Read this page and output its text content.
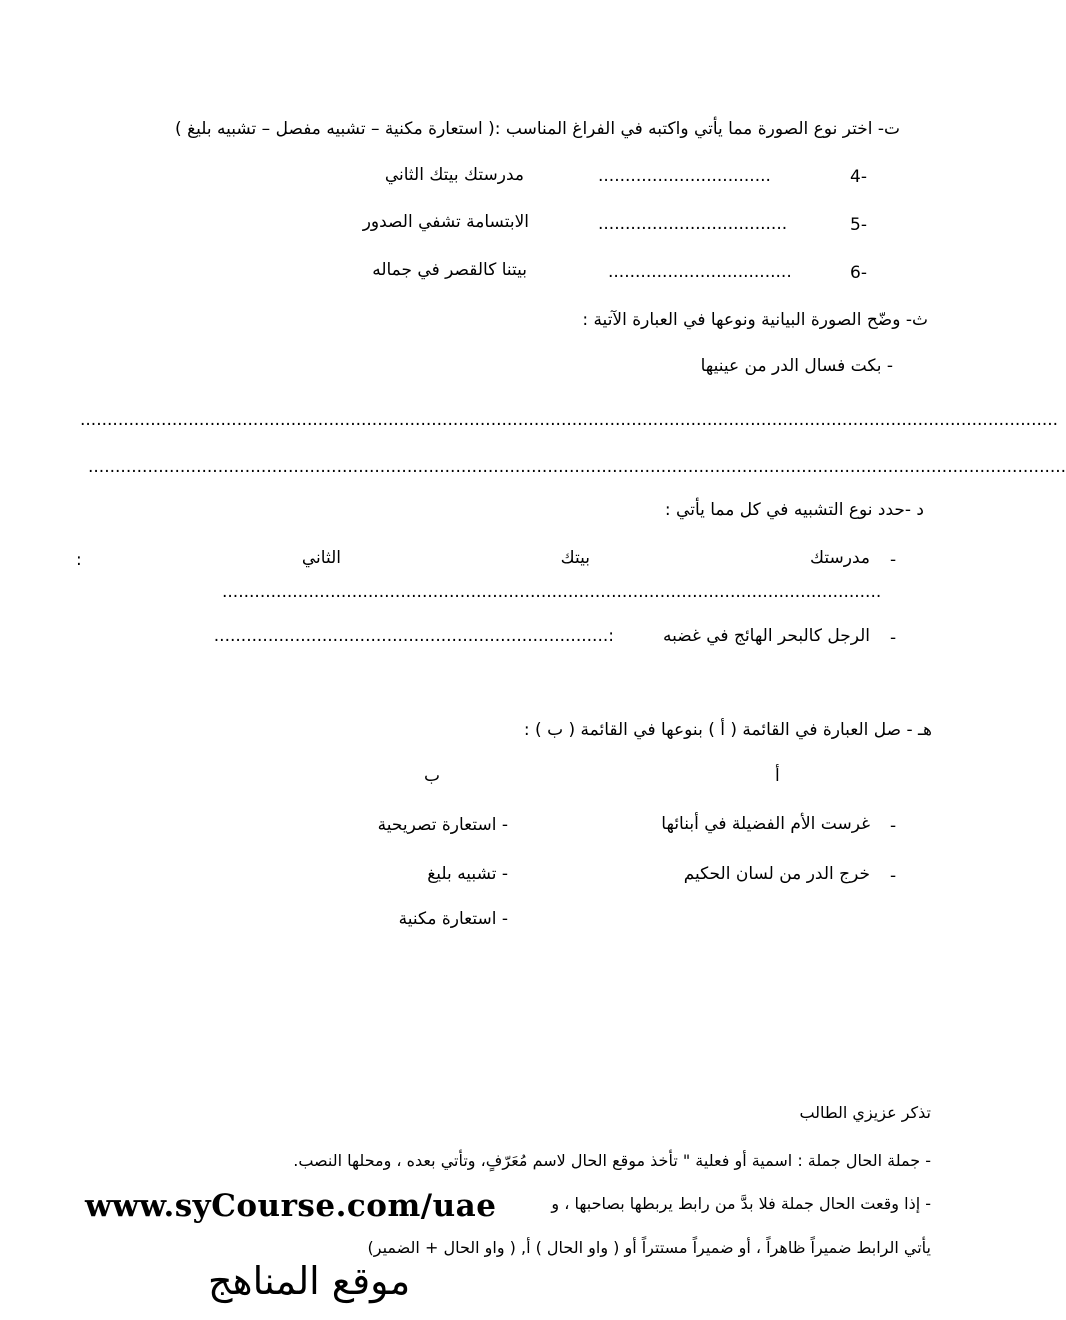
ت- اختر نوع الصورة مما يأتي واكتبه في الفراغ المناسب :( استعارة مكنية – تشبيه مفصل – تشبيه بليغ )
4-
................................
مدرستك بيتك الثاني
5-
...................................
الابتسامة تشفي الصدور
6-
..................................
بيتنا كالقصر في جماله
ث- وضّح الصورة البيانية ونوعها في العبارة الآتية :
- بكت فسال الدر من عينيها
.....................................................................................................................................................................................
.....................................................................................................................................................................................
د -حدد نوع التشبيه في كل مما يأتي :
-
مدرستك
بيتك
الثاني
:
..........................................................................................................................
-
الرجل كالبحر الهائج في غضبه
:.........................................................................
هـ - صل العبارة في القائمة ( أ ) بنوعها في القائمة ( ب ) :
أ
ب
-
غرست الأم الفضيلة في أبنائها
-
خرج الدر من لسان الحكيم
- استعارة تصريحية
- تشبيه بليغ
- استعارة مكنية
تذكر عزيزي الطالب
- جملة الحال جملة : اسمية أو فعلية " تأخذ موقع الحال لاسم مُعَرّفٍ، وتأتي بعده ، ومحلها النصب.
- إذا وقعت الحال جملة فلا بدَّ من رابط يربطها بصاحبها ، و
يأتي الرابط ضميراً ظاهراً ، أو ضميراً مستتراً أو ( واو الحال ) أ, ( واو الحال + الضمير)
www.syCourse.com/uae
موقع المناهج
